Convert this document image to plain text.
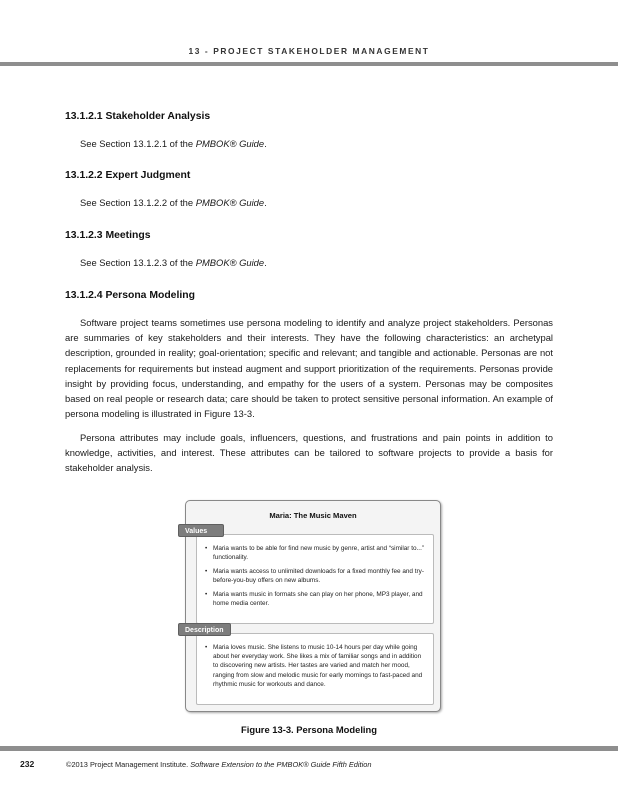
13 - PROJECT STAKEHOLDER MANAGEMENT
13.1.2.1 Stakeholder Analysis

See Section 13.1.2.1 of the PMBOK® Guide.

13.1.2.2 Expert Judgment

See Section 13.1.2.2 of the PMBOK® Guide.

13.1.2.3 Meetings

See Section 13.1.2.3 of the PMBOK® Guide.

13.1.2.4 Persona Modeling

Software project teams sometimes use persona modeling to identify and analyze project stakeholders. Personas are summaries of key stakeholders and their interests. They have the following characteristics: an archetypal description, grounded in reality; goal-orientation; specific and relevant; and tangible and actionable. Personas are not replacements for requirements but instead augment and support prioritization of the requirements. Personas provide insight by providing focus, understanding, and empathy for the users of a system. Personas may be composites based on real people or research data; care should be taken to protect sensitive personal information. An example of persona modeling is illustrated in Figure 13-3.

Persona attributes may include goals, influencers, questions, and frustrations and pain points in addition to knowledge, activities, and interest. These attributes can be tailored to software projects to provide a basis for stakeholder analysis.

Maria: The Music Maven
Values
• Maria wants to be able for find new music by genre, artist and “similar to...” functionality.
• Maria wants access to unlimited downloads for a fixed monthly fee and try-before-you-buy offers on new albums.
• Maria wants music in formats she can play on her phone, MP3 player, and home media center.
Description
• Maria loves music. She listens to music 10-14 hours per day while going about her everyday work. She likes a mix of familiar songs and in addition to discovering new artists. Her tastes are varied and match her mood, ranging from slow and melodic music for early mornings to fast-paced and rhythmic music for workouts and dance.
Figure 13-3. Persona Modeling
232	©2013 Project Management Institute. Software Extension to the PMBOK® Guide Fifth Edition
